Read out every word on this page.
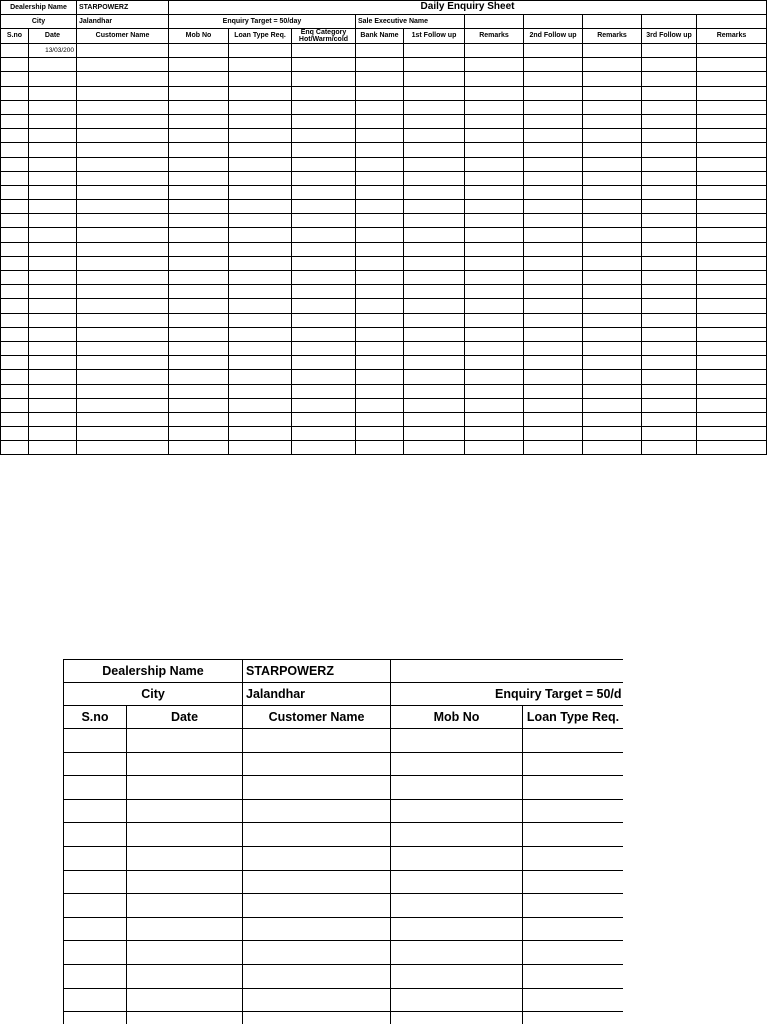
Dealership Name		STARPOWERZ	Daily Enquiry Sheet									
City		Jalandhar	Enquiry Target = 50/day			Sale Executive Name						
S.no	Date	Customer Name	Mob No	Loan Type Req.	Enq Category Hot/Warm/cold	Bank Name	1st Follow up	Remarks	2nd Follow up	Remarks	3rd Follow up	Remarks
	13/03/200											

Dealership Name		STARPOWERZ			
City		Jalandhar	Enquiry Target = 50/d		
S.no	Date	Customer Name	Mob No	Loan Type Req.	
